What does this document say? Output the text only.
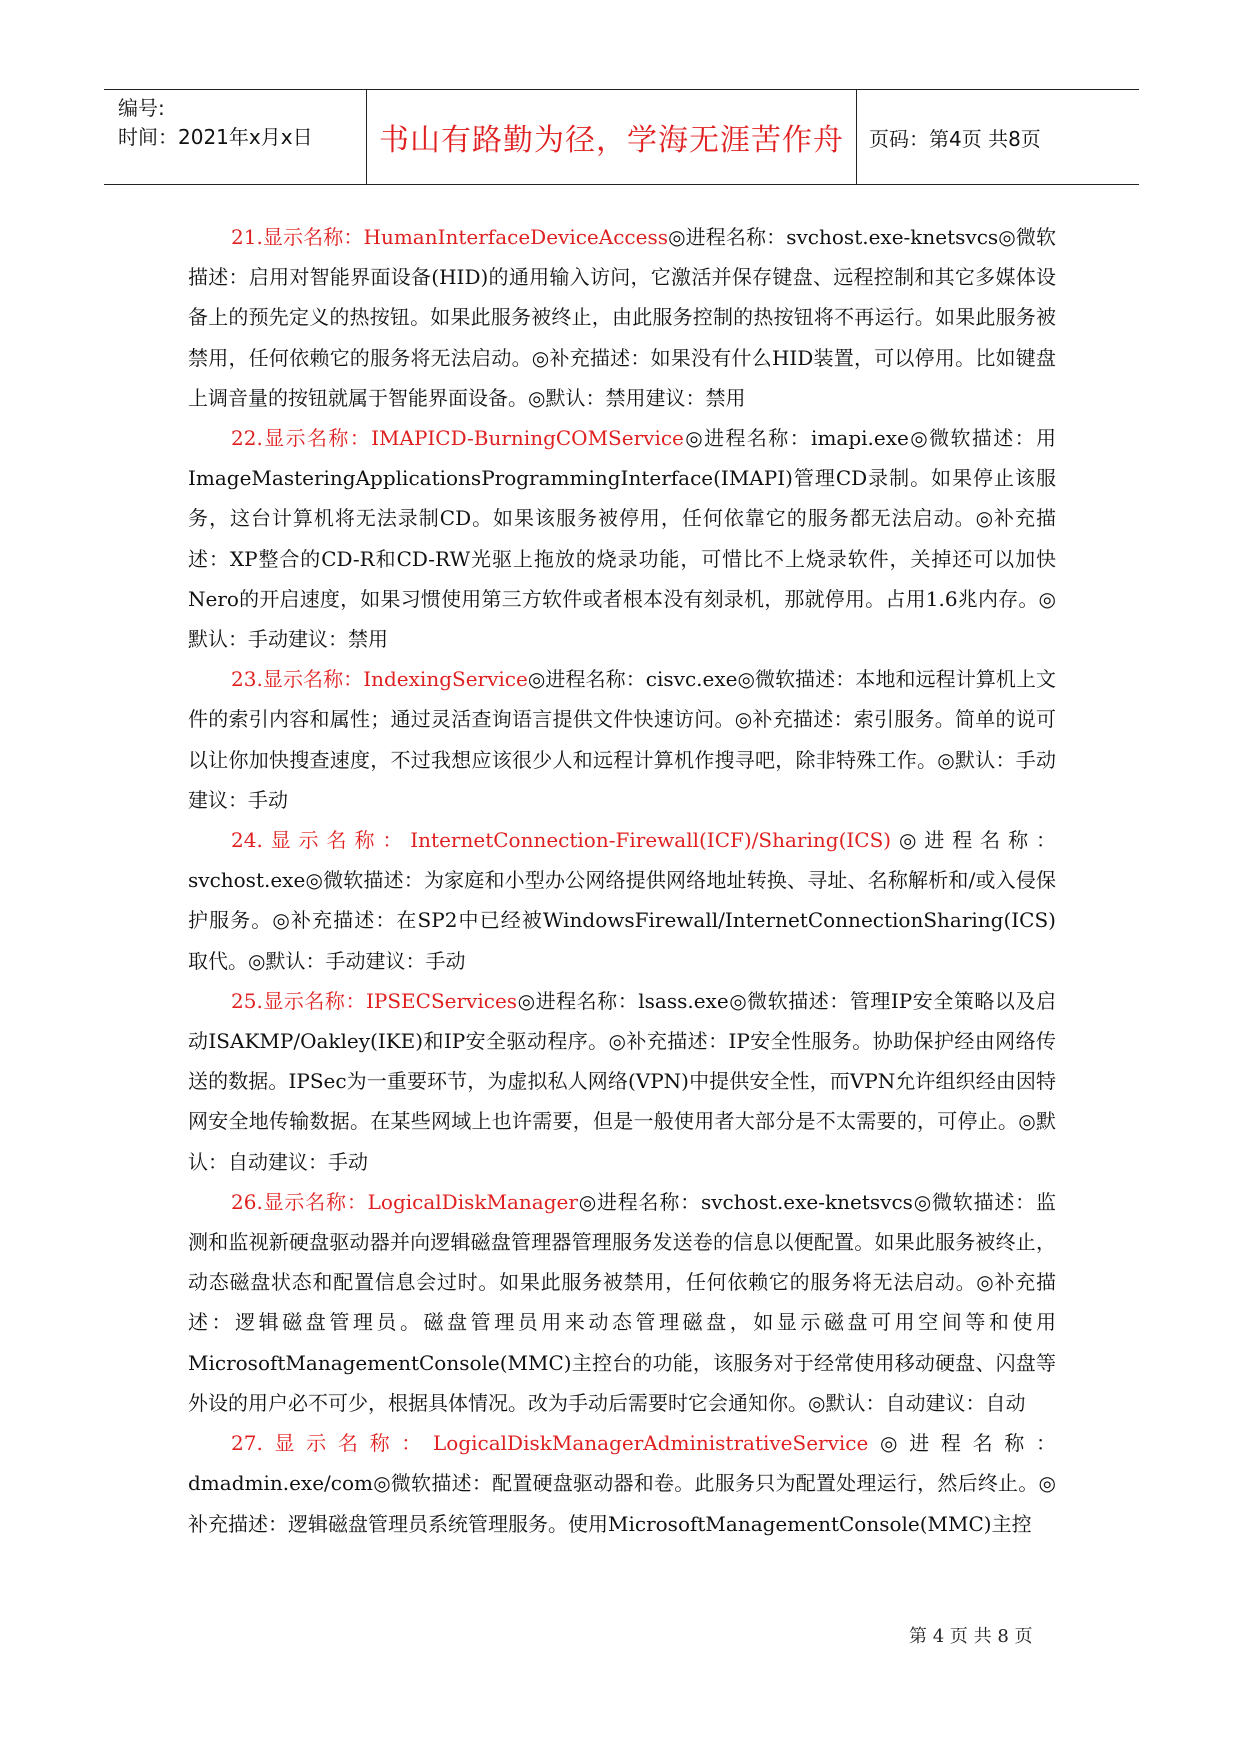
编号:
时间：2021年x月x日	书山有路勤为径，学海无涯苦作舟	页码：第4页 共8页

21.显示名称：HumanInterfaceDeviceAccess◎进程名称：svchost.exe-knetsvcs◎微软描述：启用对智能界面设备(HID)的通用输入访问，它激活并保存键盘、远程控制和其它多媒体设备上的预先定义的热按钮。如果此服务被终止，由此服务控制的热按钮将不再运行。如果此服务被禁用，任何依赖它的服务将无法启动。◎补充描述：如果没有什么HID装置，可以停用。比如键盘上调音量的按钮就属于智能界面设备。◎默认：禁用建议：禁用

22.显示名称：IMAPICD-BurningCOMService◎进程名称：imapi.exe◎微软描述：用ImageMasteringApplicationsProgrammingInterface(IMAPI)管理CD录制。如果停止该服务，这台计算机将无法录制CD。如果该服务被停用，任何依靠它的服务都无法启动。◎补充描述：XP整合的CD-R和CD-RW光驱上拖放的烧录功能，可惜比不上烧录软件，关掉还可以加快Nero的开启速度，如果习惯使用第三方软件或者根本没有刻录机，那就停用。占用1.6兆内存。◎默认：手动建议：禁用

23.显示名称：IndexingService◎进程名称：cisvc.exe◎微软描述：本地和远程计算机上文件的索引内容和属性；通过灵活查询语言提供文件快速访问。◎补充描述：索引服务。简单的说可以让你加快搜查速度，不过我想应该很少人和远程计算机作搜寻吧，除非特殊工作。◎默认：手动建议：手动

24.显示名称：InternetConnection-Firewall(ICF)/Sharing(ICS)◎进程名称：svchost.exe◎微软描述：为家庭和小型办公网络提供网络地址转换、寻址、名称解析和/或入侵保护服务。◎补充描述：在SP2中已经被WindowsFirewall/InternetConnectionSharing(ICS)取代。◎默认：手动建议：手动

25.显示名称：IPSECServices◎进程名称：lsass.exe◎微软描述：管理IP安全策略以及启动ISAKMP/Oakley(IKE)和IP安全驱动程序。◎补充描述：IP安全性服务。协助保护经由网络传送的数据。IPSec为一重要环节，为虚拟私人网络(VPN)中提供安全性，而VPN允许组织经由因特网安全地传输数据。在某些网域上也许需要，但是一般使用者大部分是不太需要的，可停止。◎默认：自动建议：手动

26.显示名称：LogicalDiskManager◎进程名称：svchost.exe-knetsvcs◎微软描述：监测和监视新硬盘驱动器并向逻辑磁盘管理器管理服务发送卷的信息以便配置。如果此服务被终止，动态磁盘状态和配置信息会过时。如果此服务被禁用，任何依赖它的服务将无法启动。◎补充描述：逻辑磁盘管理员。磁盘管理员用来动态管理磁盘，如显示磁盘可用空间等和使用MicrosoftManagementConsole(MMC)主控台的功能，该服务对于经常使用移动硬盘、闪盘等外设的用户必不可少，根据具体情况。改为手动后需要时它会通知你。◎默认：自动建议：自动

27.显示名称：LogicalDiskManagerAdministrativeService◎进程名称：dmadmin.exe/com◎微软描述：配置硬盘驱动器和卷。此服务只为配置处理运行，然后终止。◎补充描述：逻辑磁盘管理员系统管理服务。使用MicrosoftManagementConsole(MMC)主控

第 4 页 共 8 页
